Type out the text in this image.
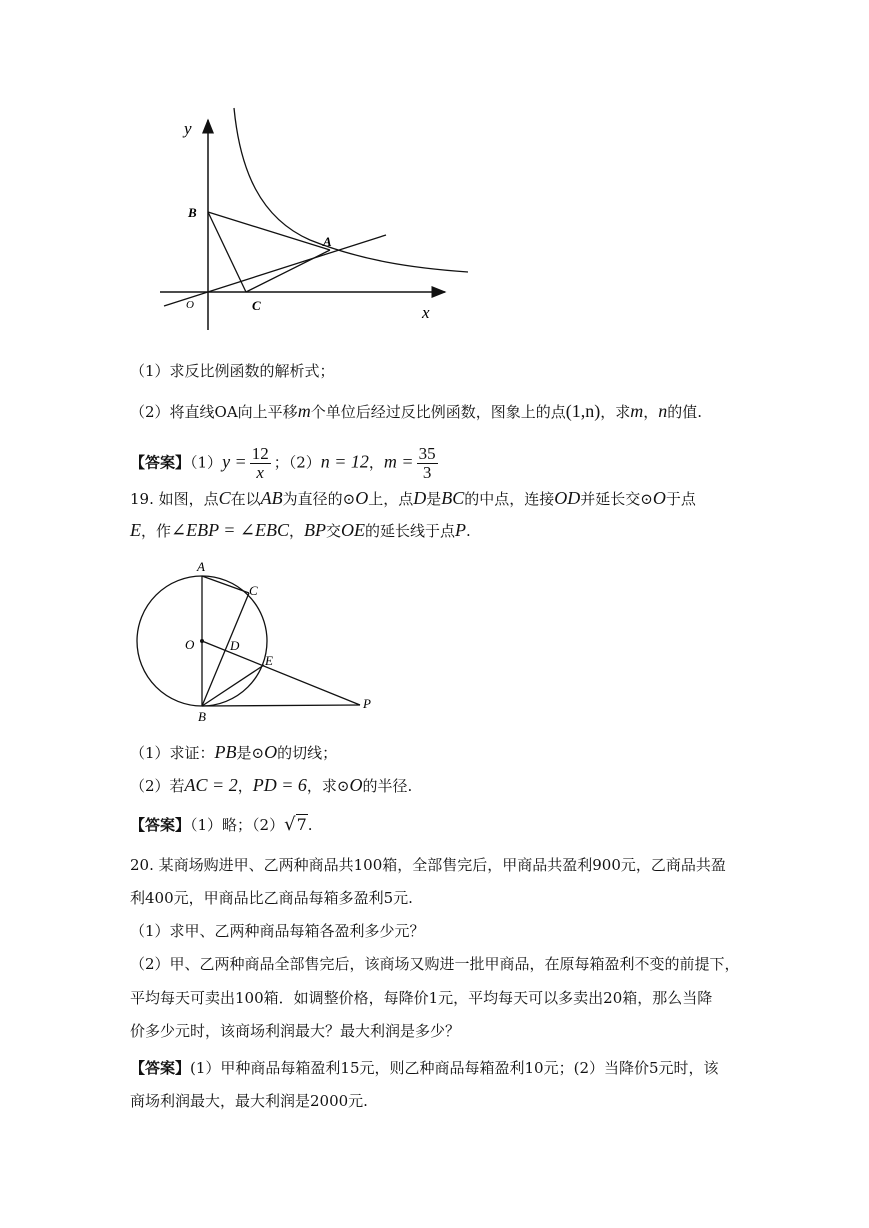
y
x
B
A
O	C
（1）求反比例函数的解析式；
（2）将直线OA向上平移m个单位后经过反比例函数，图象上的点(1,n)，求m，n的值.
【答案】$(1)y = \frac{12}{x}$ ；（2）n = 12，$m = \frac{35}{3}$
19. 如图，点C在以AB为直径的⊙O上，点D是BC的中点，连接OD并延长交⊙O于点
E，作∠EBP = ∠EBC，BP交OE的延长线于点P.
A
C
O	D
E
B
P
（1）求证：PB是⊙O的切线；
（2）若AC = 2，PD = 6，求⊙O的半径.
【答案】（1）略；（2）√7.
20. 某商场购进甲、乙两种商品共100箱，全部售完后，甲商品共盈利900元，乙商品共盈
利400元，甲商品比乙商品每箱多盈利5元.
（1）求甲、乙两种商品每箱各盈利多少元？
（2）甲、乙两种商品全部售完后，该商场又购进一批甲商品，在原每箱盈利不变的前提下，
平均每天可卖出100箱．如调整价格，每降价1元，平均每天可以多卖出20箱，那么当降
价多少元时，该商场利润最大？最大利润是多少？
【答案】(1）甲种商品每箱盈利15元，则乙种商品每箱盈利10元；(2）当降价5元时，该
商场利润最大，最大利润是2000元.
